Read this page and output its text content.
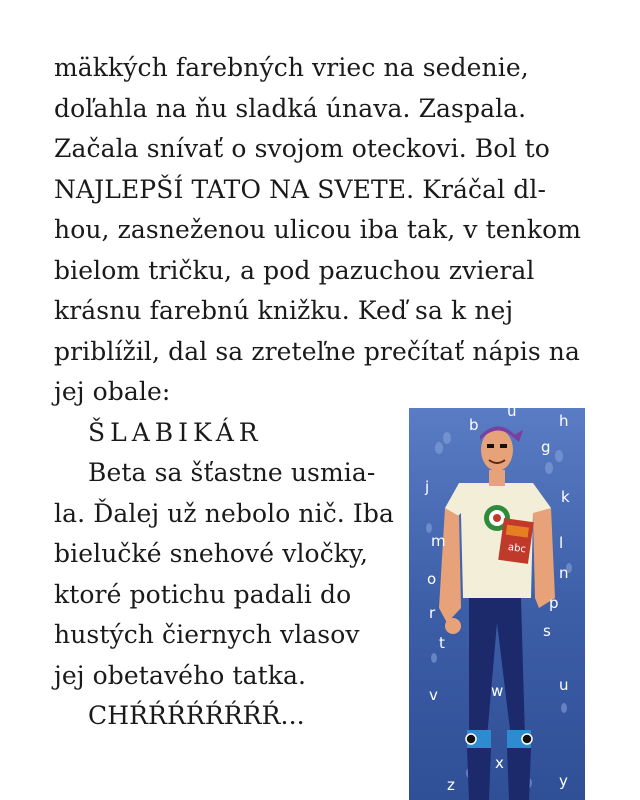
mäkkých farebných vriec na sedenie,
doľahla na ňu sladká únava. Zaspala.
Začala snívať o svojom oteckovi. Bol to
NAJLEPŠÍ TATO NA SVETE. Kráčal dl-
hou, zasneženou ulicou iba tak, v tenkom
bielom tričku, a pod pazuchou zvieral
krásnu farebnú knižku. Keď sa k nej
priblížil, dal sa zreteľne prečítať nápis na
jej obale:
ŠLABIKÁR
Beta sa šťastne usmia-
la. Ďalej už nebolo nič. Iba
bielučké snehové vločky,
ktoré potichu padali do
hustých čiernych vlasov
jej obetavého tatka.
CHŔŔŔŔŔŔŔŔ...
abc
b
u
h
g
j
k
m	l
o	n
r
p
t
s
v	w	u
x
z	y
